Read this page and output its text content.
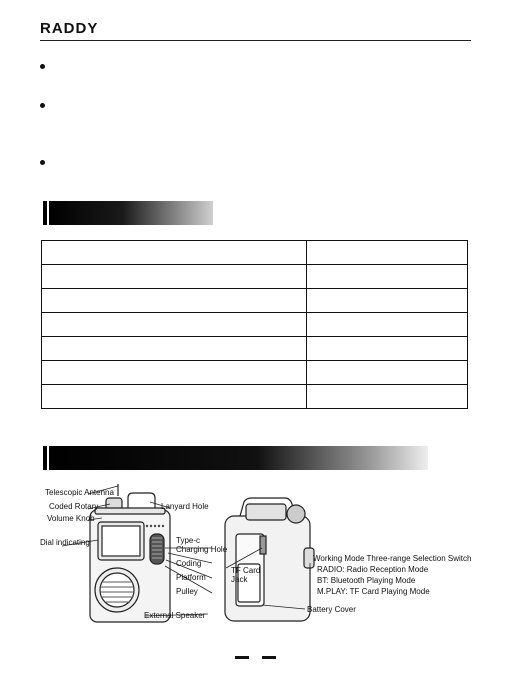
RADDY

Telescopic Antenna
Coded Rotary
Volume Knob
Lanyard Hole
Dial indicating	Type-c
Charging Hole
Coding
Platform
Pulley
TF Card
Jack
Working Mode Three-range Selection Switch
RADIO: Radio Reception Mode
BT: Bluetooth Playing Mode
M.PLAY: TF Card Playing Mode
External Speaker
Battery Cover
